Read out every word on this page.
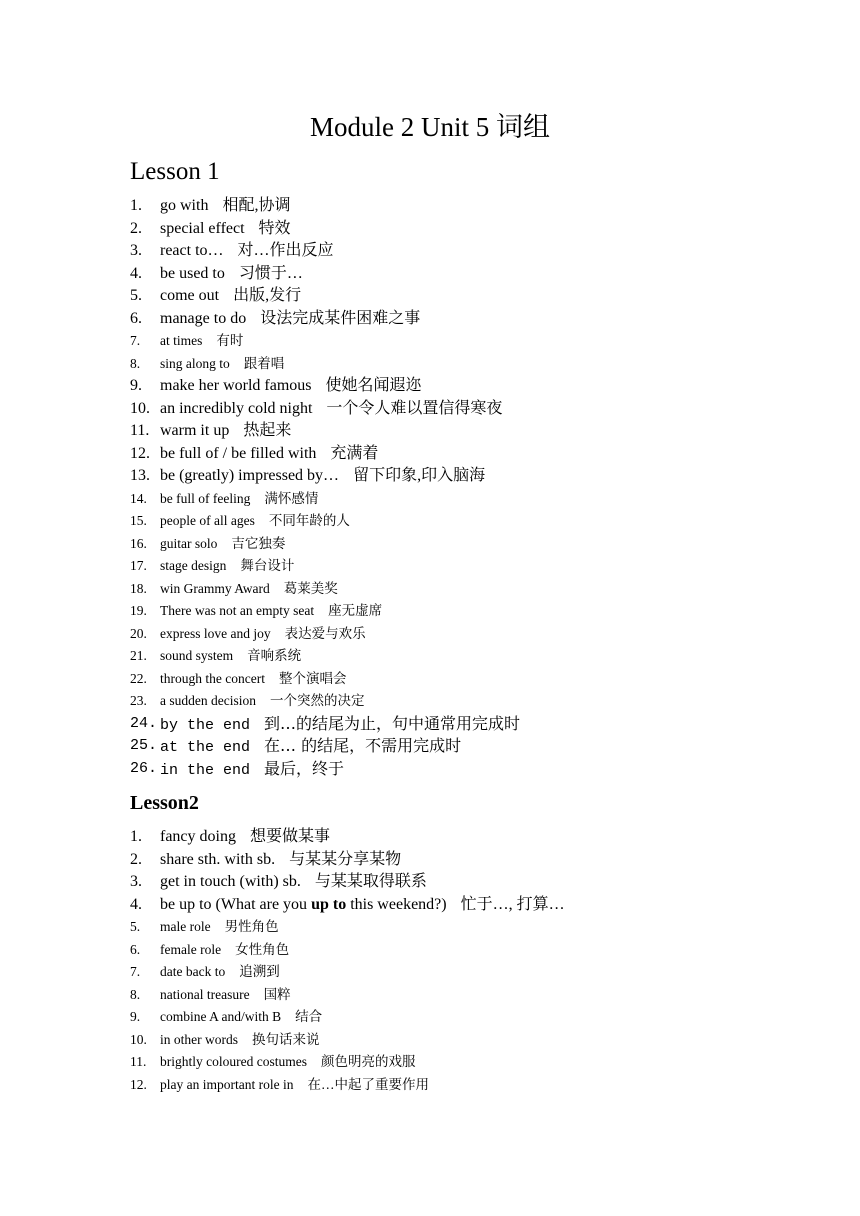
Module 2 Unit 5 词组
Lesson 1
1. go with 相配,协调
2. special effect 特效
3. react to… 对…作出反应
4. be used to 习惯于…
5. come out 出版,发行
6. manage to do 设法完成某件困难之事
7. at times 有时
8. sing along to 跟着唱
9. make her world famous 使她名闻遐迩
10. an incredibly cold night 一个令人难以置信得寒夜
11. warm it up 热起来
12. be full of / be filled with 充满着
13. be (greatly) impressed by… 留下印象,印入脑海
14. be full of feeling 满怀感情
15. people of all ages 不同年龄的人
16. guitar solo 吉它独奏
17. stage design 舞台设计
18. win Grammy Award 葛莱美奖
19. There was not an empty seat 座无虚席
20. express love and joy 表达爱与欢乐
21. sound system 音响系统
22. through the concert 整个演唱会
23. a sudden decision 一个突然的决定
24. by the end 到…的结尾为止，句中通常用完成时
25. at the end 在… 的结尾，不需用完成时
26. in the end 最后，终于
Lesson2
1. fancy doing 想要做某事
2. share sth. with sb. 与某某分享某物
3. get in touch (with) sb. 与某某取得联系
4. be up to (What are you up to this weekend?) 忙于…, 打算…
5. male role 男性角色
6. female role 女性角色
7. date back to 追溯到
8. national treasure 国粹
9. combine A and/with B 结合
10. in other words 换句话来说
11. brightly coloured costumes 颜色明亮的戏服
12. play an important role in 在…中起了重要作用
